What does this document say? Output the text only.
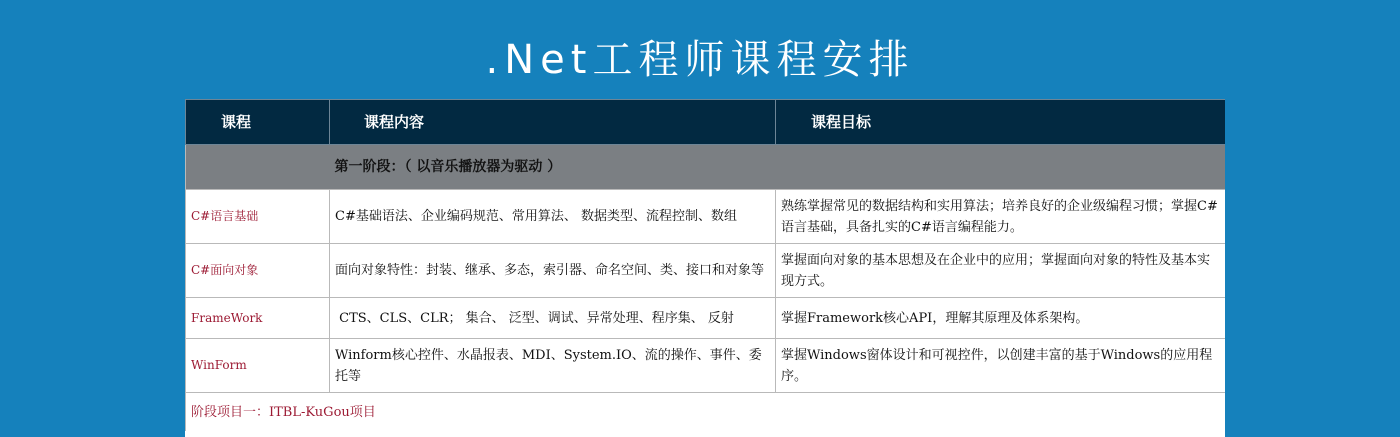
.Net工程师课程安排
课程	课程内容	课程目标
	第一阶段：（ 以音乐播放器为驱动 ）	
C#语言基础	C#基础语法、企业编码规范、常用算法、 数据类型、流程控制、数组	熟练掌握常见的数据结构和实用算法；培养良好的企业级编程习惯；掌握C#语言基础，具备扎实的C#语言编程能力。
C#面向对象	面向对象特性：封装、继承、多态，索引器、命名空间、类、接口和对象等	掌握面向对象的基本思想及在企业中的应用；掌握面向对象的特性及基本实现方式。
FrameWork	CTS、CLS、CLR； 集合、 泛型、调试、异常处理、程序集、 反射	掌握Framework核心API，理解其原理及体系架构。
WinForm	Winform核心控件、水晶报表、MDI、System.IO、流的操作、事件、委托等	掌握Windows窗体设计和可视控件，以创建丰富的基于Windows的应用程序。
阶段项目一：ITBL-KuGou项目		
